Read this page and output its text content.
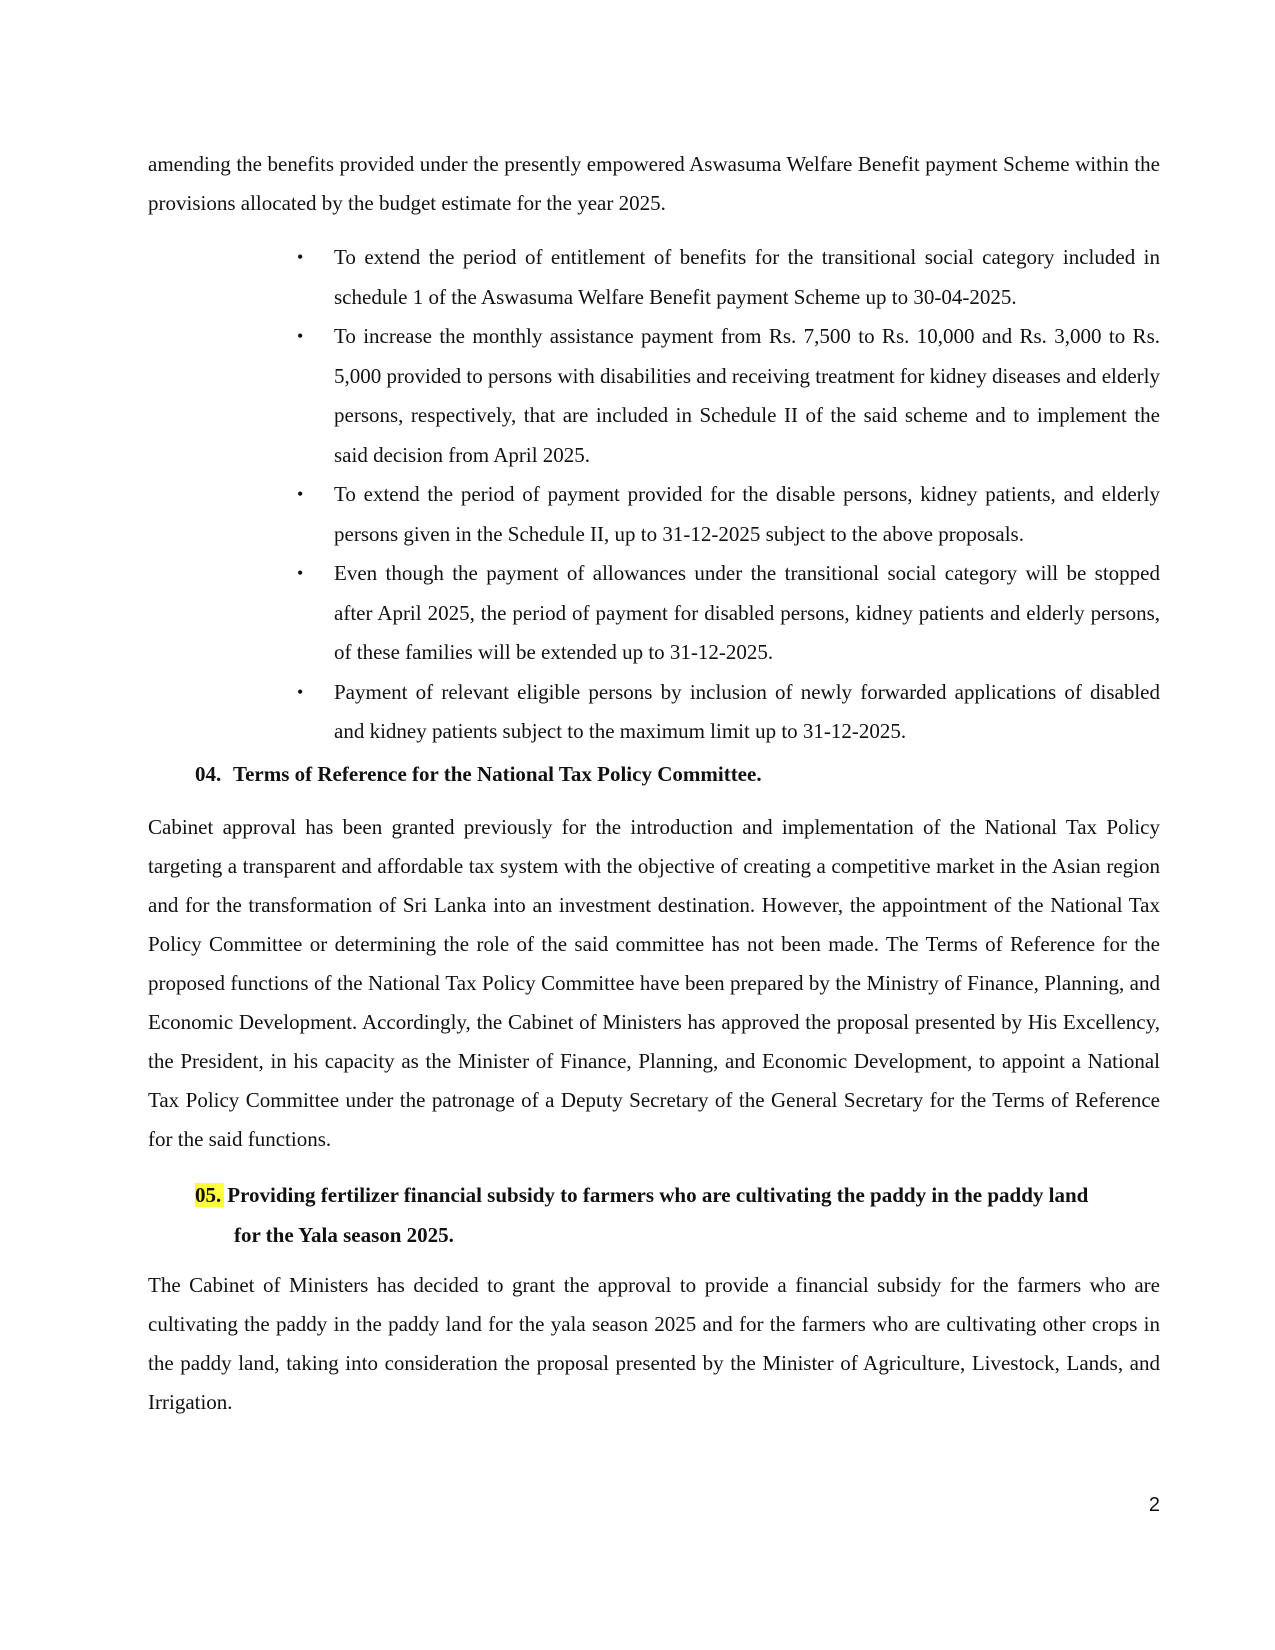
amending the benefits provided under the presently empowered Aswasuma Welfare Benefit payment Scheme within the provisions allocated by the budget estimate for the year 2025.

• To extend the period of entitlement of benefits for the transitional social category included in schedule 1 of the Aswasuma Welfare Benefit payment Scheme up to 30-04-2025.
• To increase the monthly assistance payment from Rs. 7,500 to Rs. 10,000 and Rs. 3,000 to Rs. 5,000 provided to persons with disabilities and receiving treatment for kidney diseases and elderly persons, respectively, that are included in Schedule II of the said scheme and to implement the said decision from April 2025.
• To extend the period of payment provided for the disable persons, kidney patients, and elderly persons given in the Schedule II, up to 31-12-2025 subject to the above proposals.
• Even though the payment of allowances under the transitional social category will be stopped after April 2025, the period of payment for disabled persons, kidney patients and elderly persons, of these families will be extended up to 31-12-2025.
• Payment of relevant eligible persons by inclusion of newly forwarded applications of disabled and kidney patients subject to the maximum limit up to 31-12-2025.
04. Terms of Reference for the National Tax Policy Committee.

Cabinet approval has been granted previously for the introduction and implementation of the National Tax Policy targeting a transparent and affordable tax system with the objective of creating a competitive market in the Asian region and for the transformation of Sri Lanka into an investment destination. However, the appointment of the National Tax Policy Committee or determining the role of the said committee has not been made. The Terms of Reference for the proposed functions of the National Tax Policy Committee have been prepared by the Ministry of Finance, Planning, and Economic Development. Accordingly, the Cabinet of Ministers has approved the proposal presented by His Excellency, the President, in his capacity as the Minister of Finance, Planning, and Economic Development, to appoint a National Tax Policy Committee under the patronage of a Deputy Secretary of the General Secretary for the Terms of Reference for the said functions.

05. Providing fertilizer financial subsidy to farmers who are cultivating the paddy in the paddy land
for the Yala season 2025.

The Cabinet of Ministers has decided to grant the approval to provide a financial subsidy for the farmers who are cultivating the paddy in the paddy land for the yala season 2025 and for the farmers who are cultivating other crops in the paddy land, taking into consideration the proposal presented by the Minister of Agriculture, Livestock, Lands, and Irrigation.

2
